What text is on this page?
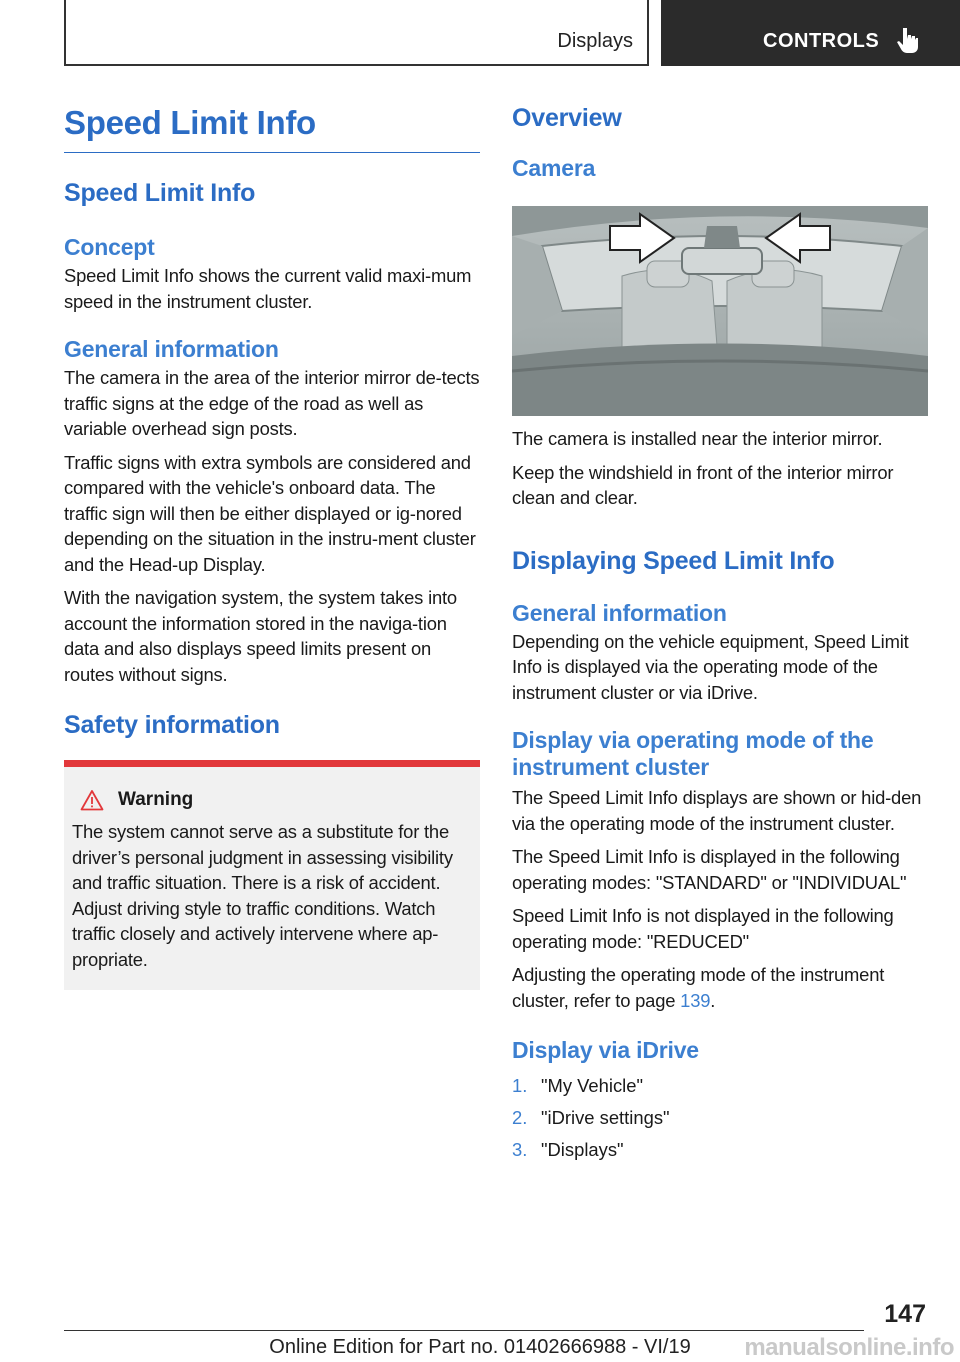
Displays	CONTROLS
Speed Limit Info
Speed Limit Info
Concept

Speed Limit Info shows the current valid maxi-mum speed in the instrument cluster.

General information

The camera in the area of the interior mirror de-tects traffic signs at the edge of the road as well as variable overhead sign posts.

Traffic signs with extra symbols are considered and compared with the vehicle's onboard data. The traffic sign will then be either displayed or ig-nored depending on the situation in the instru-ment cluster and the Head-up Display.

With the navigation system, the system takes into account the information stored in the naviga-tion data and also displays speed limits present on routes without signs.

Safety information
Warning

The system cannot serve as a substitute for the driver’s personal judgment in assessing visibility and traffic situation. There is a risk of accident. Adjust driving style to traffic conditions. Watch traffic closely and actively intervene where ap-propriate.

Overview
Camera

The camera is installed near the interior mirror.

Keep the windshield in front of the interior mirror clean and clear.

Displaying Speed Limit Info
General information

Depending on the vehicle equipment, Speed Limit Info is displayed via the operating mode of the instrument cluster or via iDrive.

Display via operating mode of the instrument cluster

The Speed Limit Info displays are shown or hid-den via the operating mode of the instrument cluster.

The Speed Limit Info is displayed in the following operating modes: "STANDARD" or "INDIVIDUAL"

Speed Limit Info is not displayed in the following operating mode: "REDUCED"

Adjusting the operating mode of the instrument cluster, refer to page 139.

Display via iDrive
1. "My Vehicle"
2. "iDrive settings"
3. "Displays"
147
Online Edition for Part no. 01402666988 - VI/19	manualsonline.info
